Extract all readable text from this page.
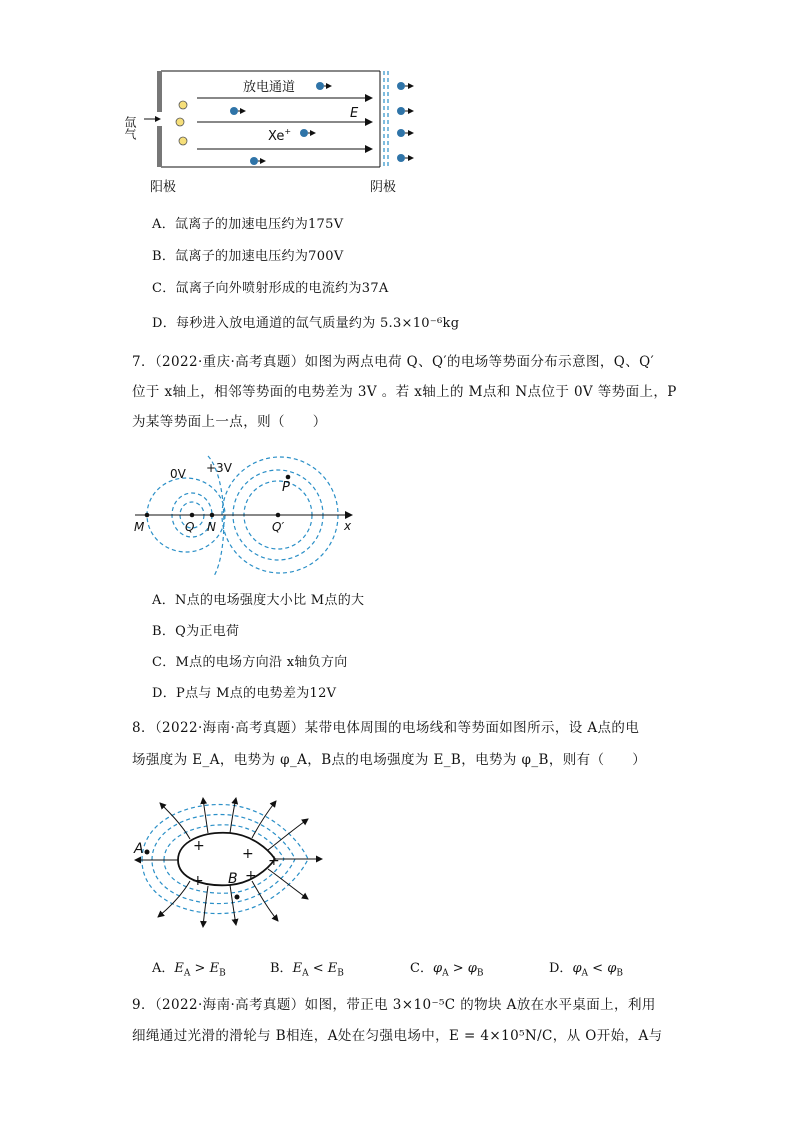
放电通道
E
Xe+
氙气
阳极	阴极
A．氙离子的加速电压约为175V
B．氙离子的加速电压约为700V
C．氙离子向外喷射形成的电流约为37A
D．每秒进入放电通道的氙气质量约为 5.3×10⁻⁶kg
7．（2022·重庆·高考真题）如图为两点电荷 Q、Q′的电场等势面分布示意图，Q、Q′
位于 x轴上，相邻等势面的电势差为 3V 。若 x轴上的 M点和 N点位于 0V 等势面上，P
为某等势面上一点，则（　　）
0V +3V
P
M	Q N	Q′	x
A．N点的电场强度大小比 M点的大
B．Q为正电荷
C．M点的电场方向沿 x轴负方向
D．P点与 M点的电势差为12V
8．（2022·海南·高考真题）某带电体周围的电场线和等势面如图所示，设 A点的电
场强度为 E_A，电势为 φ_A，B点的电场强度为 E_B，电势为 φ_B，则有（　　）
+	+
+	+
+
A
B
A．$E_A > E_B$	B．$E_A < E_B$	C．$\varphi_A > \varphi_B$	D．$\varphi_A < \varphi_B$
9．（2022·海南·高考真题）如图，带正电 3×10⁻⁵C 的物块 A放在水平桌面上，利用
细绳通过光滑的滑轮与 B相连，A处在匀强电场中，E = 4×10⁵N/C，从 O开始，A与
